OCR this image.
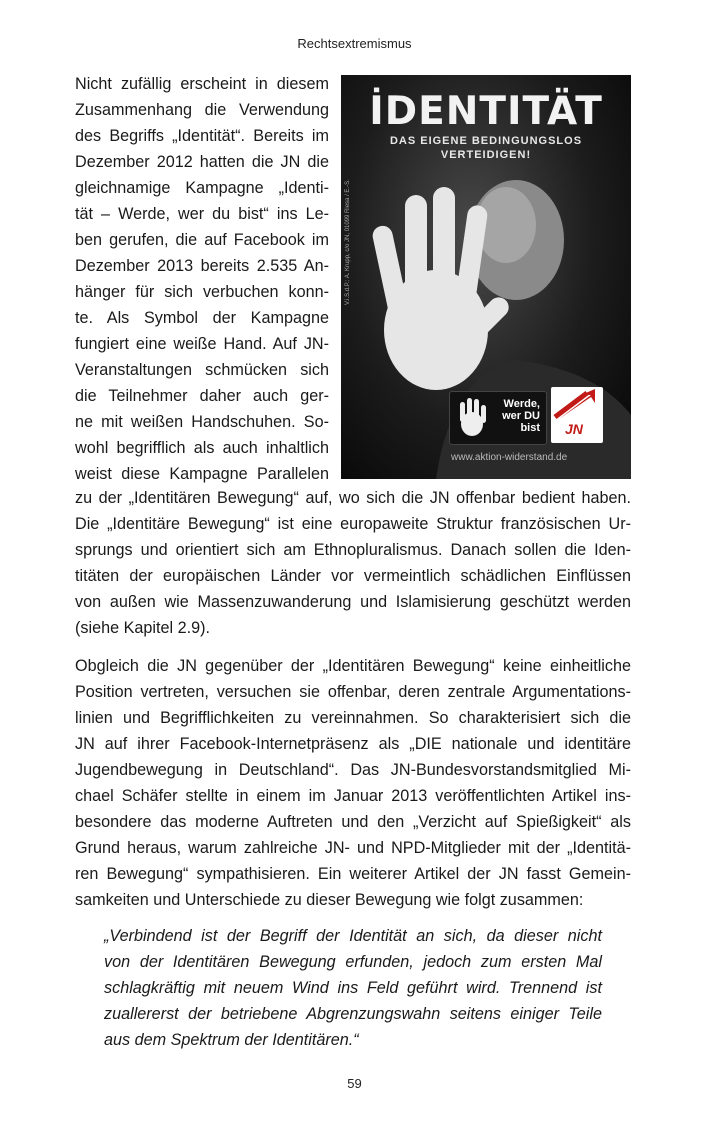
Rechtsextremismus
İDENTITÄT
DAS EIGENE BEDINGUNGSLOS
VERTEIDIGEN!
V.i.S.d.P.: A. Krupp, c/o JN, 01099 Riesa / E.-S.
Werde, wer DU bist JN
www.aktion-widerstand.de
Nicht zufällig erscheint in diesem
Zusammenhang die Verwendung
des Begriffs „Identität“. Bereits im
Dezember 2012 hatten die JN die
gleichnamige Kampagne „Identi-
tät – Werde, wer du bist“ ins Le-
ben gerufen, die auf Facebook im
Dezember 2013 bereits 2.535 An-
hänger für sich verbuchen konn-
te. Als Symbol der Kampagne
fungiert eine weiße Hand. Auf JN-
Veranstaltungen schmücken sich
die Teilnehmer daher auch ger-
ne mit weißen Handschuhen. So-
wohl begrifflich als auch inhaltlich
weist diese Kampagne Parallelen
zu der „Identitären Bewegung“ auf, wo sich die JN offenbar bedient haben.
Die „Identitäre Bewegung“ ist eine europaweite Struktur französischen Ur-
sprungs und orientiert sich am Ethnopluralismus. Danach sollen die Iden-
titäten der europäischen Länder vor vermeintlich schädlichen Einflüssen
von außen wie Massenzuwanderung und Islamisierung geschützt werden
(siehe Kapitel 2.9).
Obgleich die JN gegenüber der „Identitären Bewegung“ keine einheitliche
Position vertreten, versuchen sie offenbar, deren zentrale Argumentations-
linien und Begrifflichkeiten zu vereinnahmen. So charakterisiert sich die
JN auf ihrer Facebook-Internetpräsenz als „DIE nationale und identitäre
Jugendbewegung in Deutschland“. Das JN-Bundesvorstandsmitglied Mi-
chael Schäfer stellte in einem im Januar 2013 veröffentlichten Artikel ins-
besondere das moderne Auftreten und den „Verzicht auf Spießigkeit“ als
Grund heraus, warum zahlreiche JN- und NPD-Mitglieder mit der „Identitä-
ren Bewegung“ sympathisieren. Ein weiterer Artikel der JN fasst Gemein-
samkeiten und Unterschiede zu dieser Bewegung wie folgt zusammen:
„Verbindend ist der Begriff der Identität an sich, da dieser nicht
von der Identitären Bewegung erfunden, jedoch zum ersten Mal
schlagkräftig mit neuem Wind ins Feld geführt wird. Trennend ist
zuallererst der betriebene Abgrenzungswahn seitens einiger Teile
aus dem Spektrum der Identitären.“
59
